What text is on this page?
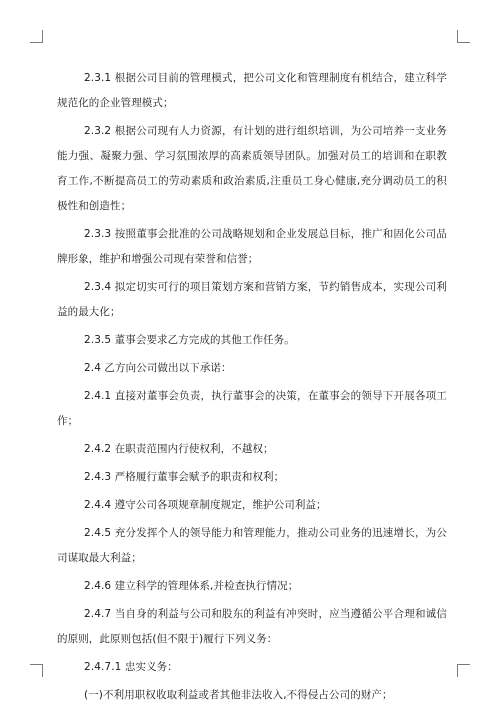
2.3.1 根据公司目前的管理模式，把公司文化和管理制度有机结合，建立科学规范化的企业管理模式；

2.3.2 根据公司现有人力资源，有计划的进行组织培训，为公司培养一支业务能力强、凝聚力强、学习氛围浓厚的高素质领导团队。加强对员工的培训和在职教育工作,不断提高员工的劳动素质和政治素质,注重员工身心健康,充分调动员工的积极性和创造性；

2.3.3 按照董事会批准的公司战略规划和企业发展总目标，推广和固化公司品牌形象，维护和增强公司现有荣誉和信誉；

2.3.4 拟定切实可行的项目策划方案和营销方案，节约销售成本，实现公司利益的最大化；

2.3.5 董事会要求乙方完成的其他工作任务。

2.4 乙方向公司做出以下承诺：

2.4.1 直接对董事会负责，执行董事会的决策，在董事会的领导下开展各项工作；

2.4.2 在职责范围内行使权利，不越权；

2.4.3 严格履行董事会赋予的职责和权利；

2.4.4 遵守公司各项规章制度规定，维护公司利益；

2.4.5 充分发挥个人的领导能力和管理能力，推动公司业务的迅速增长，为公司谋取最大利益；

2.4.6 建立科学的管理体系,并检查执行情况；

2.4.7 当自身的利益与公司和股东的利益有冲突时，应当遵循公平合理和诚信的原则，此原则包括(但不限于)履行下列义务：

2.4.7.1 忠实义务：

(一)不利用职权收取利益或者其他非法收入,不得侵占公司的财产；
